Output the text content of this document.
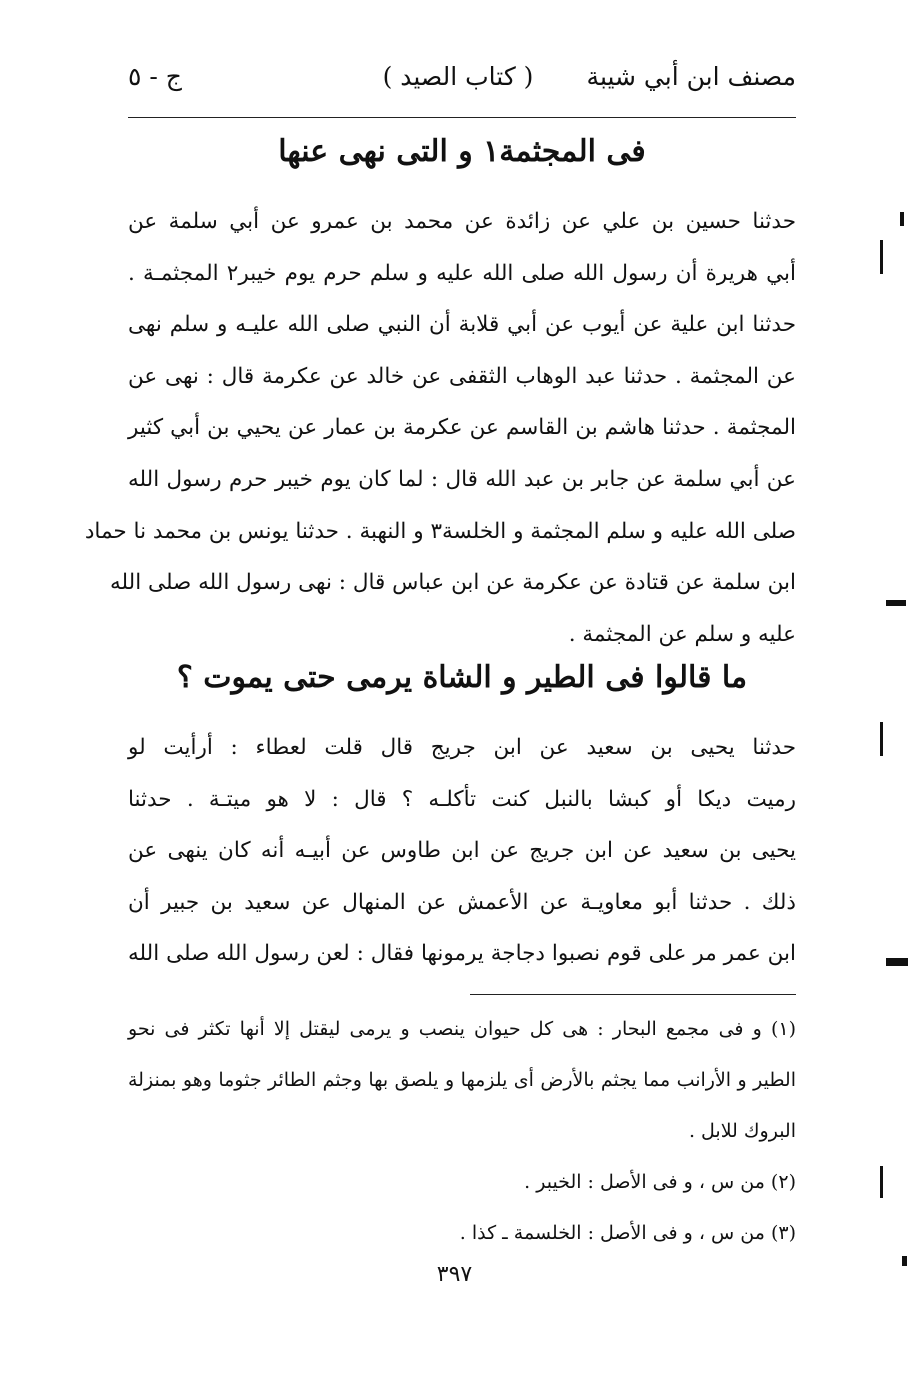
مصنف ابن أبي شيبة
( كتاب الصيد )
ج - ٥
فى المجثمة١ و التى نهى عنها
حدثنا حسين بن علي عن زائدة عن محمد بن عمرو عن أبي سلمة عن
أبي هريرة أن رسول الله صلى الله عليه و سلم حرم يوم خيبر٢ المجثمـة .
حدثنا ابن علية عن أيوب عن أبي قلابة أن النبي صلى الله عليـه و سلم نهى
عن المجثمة . حدثنا عبد الوهاب الثقفى عن خالد عن عكرمة قال : نهى عن
المجثمة . حدثنا هاشم بن القاسم عن عكرمة بن عمار عن يحيي بن أبي كثير
عن أبي سلمة عن جابر بن عبد الله قال : لما كان يوم خيبر حرم رسول الله
صلى الله عليه و سلم المجثمة و الخلسة٣ و النهبة . حدثنا يونس بن محمد نا حماد
ابن سلمة عن قتادة عن عكرمة عن ابن عباس قال : نهى رسول الله صلى الله
عليه و سلم عن المجثمة .
ما قالوا فى الطير و الشاة يرمى حتى يموت ؟
حدثنا يحيى بن سعيد عن ابن جريج قال قلت لعطاء : أرأيت لو
رميت ديكا أو كبشا بالنبل كنت تأكلـه ؟ قال : لا هو ميتـة . حدثنا
يحيى بن سعيد عن ابن جريج عن ابن طاوس عن أبيـه أنه كان ينهى عن
ذلك . حدثنا أبو معاويـة عن الأعمش عن المنهال عن سعيد بن جبير أن
ابن عمر مر على قوم نصبوا دجاجة يرمونها فقال : لعن رسول الله صلى الله
(١) و فى مجمع البحار : هى كل حيوان ينصب و يرمى ليقتل إلا أنها تكثر فى نحو
الطير و الأرانب مما يجثم بالأرض أى يلزمها و يلصق بها وجثم الطائر جثوما وهو بمنزلة
البروك للابل .
(٢) من س ، و فى الأصل : الخيبر .
(٣) من س ، و فى الأصل : الخلسمة ـ كذا .
٣٩٧
